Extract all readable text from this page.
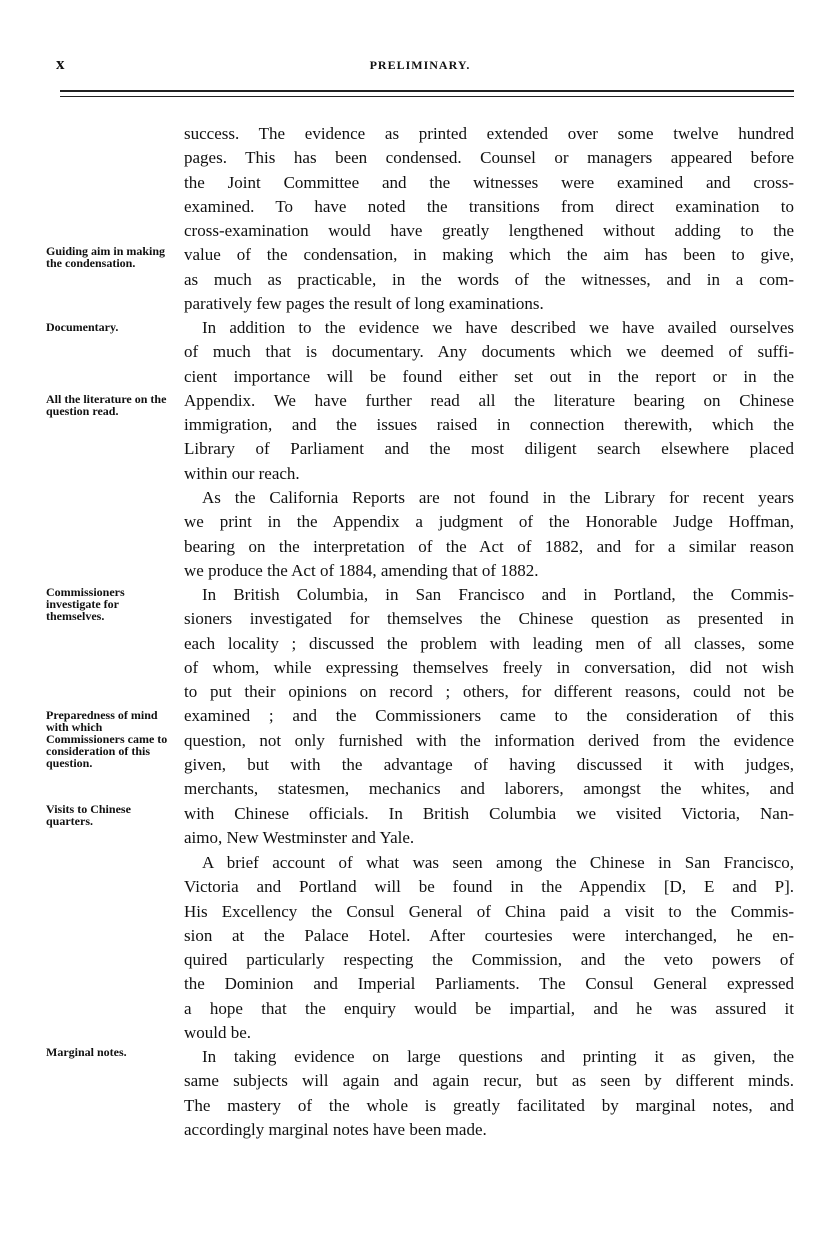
x	PRELIMINARY.
Guiding aim in making the condensation.
Documentary.
All the literature on the question read.
Commissioners investigate for themselves.
Preparedness of mind with which Commissioners came to consideration of this question.
Visits to Chinese quarters.
Marginal notes.
success. The evidence as printed extended over some twelve hundred
pages. This has been condensed. Counsel or managers appeared before
the Joint Committee and the witnesses were examined and cross-
examined. To have noted the transitions from direct examination to
cross-examination would have greatly lengthened without adding to the
value of the condensation, in making which the aim has been to give,
as much as practicable, in the words of the witnesses, and in a com-
paratively few pages the result of long examinations.
In addition to the evidence we have described we have availed ourselves
of much that is documentary. Any documents which we deemed of suffi-
cient importance will be found either set out in the report or in the
Appendix. We have further read all the literature bearing on Chinese
immigration, and the issues raised in connection therewith, which the
Library of Parliament and the most diligent search elsewhere placed
within our reach.
As the California Reports are not found in the Library for recent years
we print in the Appendix a judgment of the Honorable Judge Hoffman,
bearing on the interpretation of the Act of 1882, and for a similar reason
we produce the Act of 1884, amending that of 1882.
In British Columbia, in San Francisco and in Portland, the Commis-
sioners investigated for themselves the Chinese question as presented in
each locality ; discussed the problem with leading men of all classes, some
of whom, while expressing themselves freely in conversation, did not wish
to put their opinions on record ; others, for different reasons, could not be
examined ; and the Commissioners came to the consideration of this
question, not only furnished with the information derived from the evidence
given, but with the advantage of having discussed it with judges,
merchants, statesmen, mechanics and laborers, amongst the whites, and
with Chinese officials. In British Columbia we visited Victoria, Nan-
aimo, New Westminster and Yale.
A brief account of what was seen among the Chinese in San Francisco,
Victoria and Portland will be found in the Appendix [D, E and P].
His Excellency the Consul General of China paid a visit to the Commis-
sion at the Palace Hotel. After courtesies were interchanged, he en-
quired particularly respecting the Commission, and the veto powers of
the Dominion and Imperial Parliaments. The Consul General expressed
a hope that the enquiry would be impartial, and he was assured it
would be.
In taking evidence on large questions and printing it as given, the
same subjects will again and again recur, but as seen by different minds.
The mastery of the whole is greatly facilitated by marginal notes, and
accordingly marginal notes have been made.
